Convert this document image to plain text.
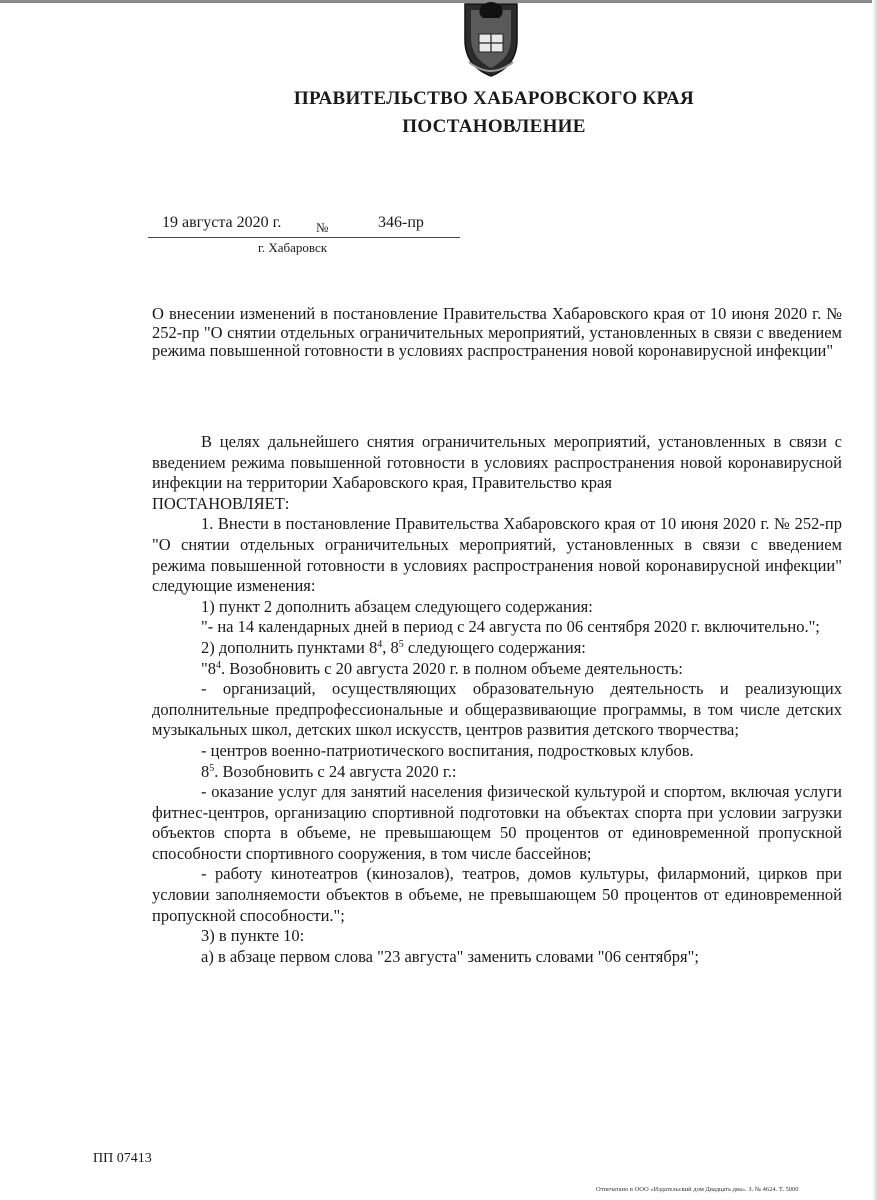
ПРАВИТЕЛЬСТВО ХАБАРОВСКОГО КРАЯ
ПОСТАНОВЛЕНИЕ
19 августа 2020 г.	№	346-пр
г. Хабаровск
О внесении изменений в постановление Правительства Хабаровского края от 10 июня 2020 г. № 252-пр "О снятии отдельных ограничительных мероприятий, установленных в связи с введением режима повышенной готовности в условиях распространения новой коронавирусной инфекции"

В целях дальнейшего снятия ограничительных мероприятий, установленных в связи с введением режима повышенной готовности в условиях распространения новой коронавирусной инфекции на территории Хабаровского края, Правительство края

ПОСТАНОВЛЯЕТ:

1. Внести в постановление Правительства Хабаровского края от 10 июня 2020 г. № 252-пр "О снятии отдельных ограничительных мероприятий, установленных в связи с введением режима повышенной готовности в условиях распространения новой коронавирусной инфекции" следующие изменения:

1) пункт 2 дополнить абзацем следующего содержания:

"- на 14 календарных дней в период с 24 августа по 06 сентября 2020 г. включительно.";

2) дополнить пунктами $8^4$, $8^5$ следующего содержания:

"$8^4$. Возобновить с 20 августа 2020 г. в полном объеме деятельность:

- организаций, осуществляющих образовательную деятельность и реализующих дополнительные предпрофессиональные и общеразвивающие программы, в том числе детских музыкальных школ, детских школ искусств, центров развития детского творчества;

- центров военно-патриотического воспитания, подростковых клубов.

$8^5$. Возобновить с 24 августа 2020 г.:

- оказание услуг для занятий населения физической культурой и спортом, включая услуги фитнес-центров, организацию спортивной подготовки на объектах спорта при условии загрузки объектов спорта в объеме, не превышающем 50 процентов от единовременной пропускной способности спортивного сооружения, в том числе бассейнов;

- работу кинотеатров (кинозалов), театров, домов культуры, филармоний, цирков при условии заполняемости объектов в объеме, не превышающем 50 процентов от единовременной пропускной способности.";

3) в пункте 10:

а) в абзаце первом слова "23 августа" заменить словами "06 сентября";

ПП 07413
Отпечатано в ООО «Издательский дом Двадцать два». З. № 4624. Т. 5000
